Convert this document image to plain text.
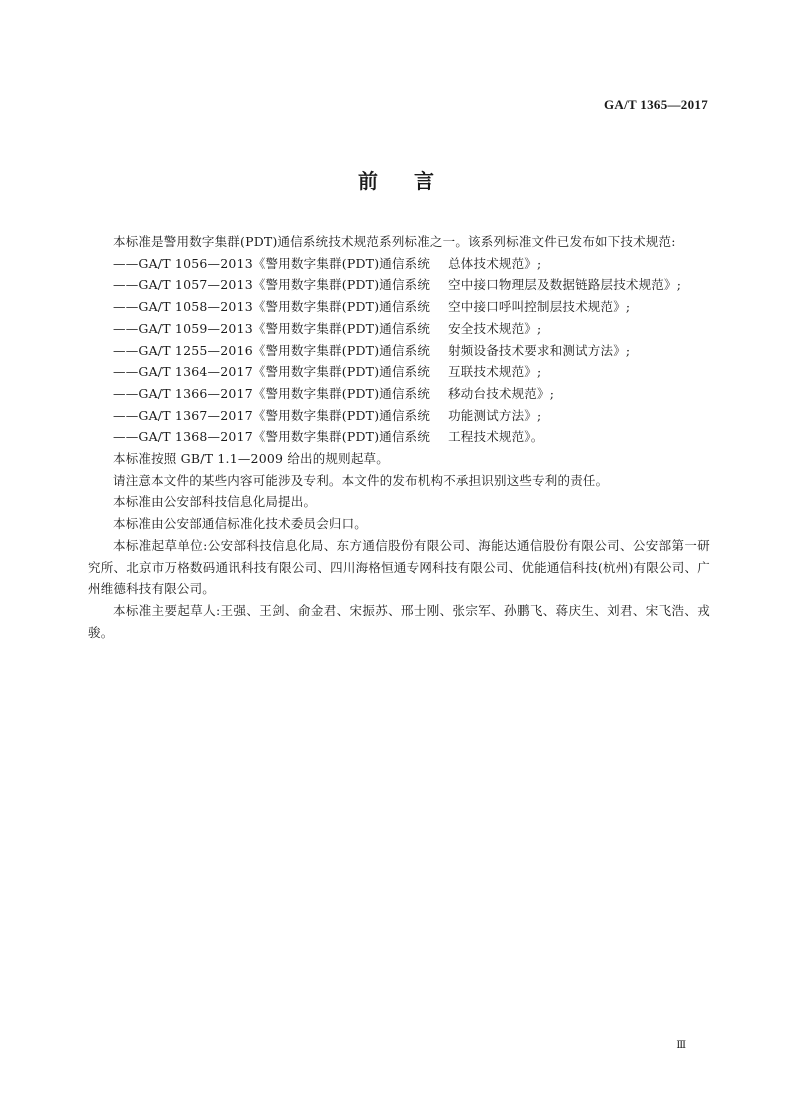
GA/T 1365—2017
前言

本标准是警用数字集群(PDT)通信系统技术规范系列标准之一。该系列标准文件已发布如下技术规范:

——GA/T 1056—2013《警用数字集群(PDT)通信系统 总体技术规范》;

——GA/T 1057—2013《警用数字集群(PDT)通信系统 空中接口物理层及数据链路层技术规范》;

——GA/T 1058—2013《警用数字集群(PDT)通信系统 空中接口呼叫控制层技术规范》;

——GA/T 1059—2013《警用数字集群(PDT)通信系统 安全技术规范》;

——GA/T 1255—2016《警用数字集群(PDT)通信系统 射频设备技术要求和测试方法》;

——GA/T 1364—2017《警用数字集群(PDT)通信系统 互联技术规范》;

——GA/T 1366—2017《警用数字集群(PDT)通信系统 移动台技术规范》;

——GA/T 1367—2017《警用数字集群(PDT)通信系统 功能测试方法》;

——GA/T 1368—2017《警用数字集群(PDT)通信系统 工程技术规范》。

本标准按照 GB/T 1.1—2009 给出的规则起草。

请注意本文件的某些内容可能涉及专利。本文件的发布机构不承担识别这些专利的责任。

本标准由公安部科技信息化局提出。

本标准由公安部通信标准化技术委员会归口。

本标准起草单位:公安部科技信息化局、东方通信股份有限公司、海能达通信股份有限公司、公安部第一研究所、北京市万格数码通讯科技有限公司、四川海格恒通专网科技有限公司、优能通信科技(杭州)有限公司、广州维德科技有限公司。

本标准主要起草人:王强、王剑、俞金君、宋振苏、邢士刚、张宗军、孙鹏飞、蒋庆生、刘君、宋飞浩、戎骏。

Ⅲ
